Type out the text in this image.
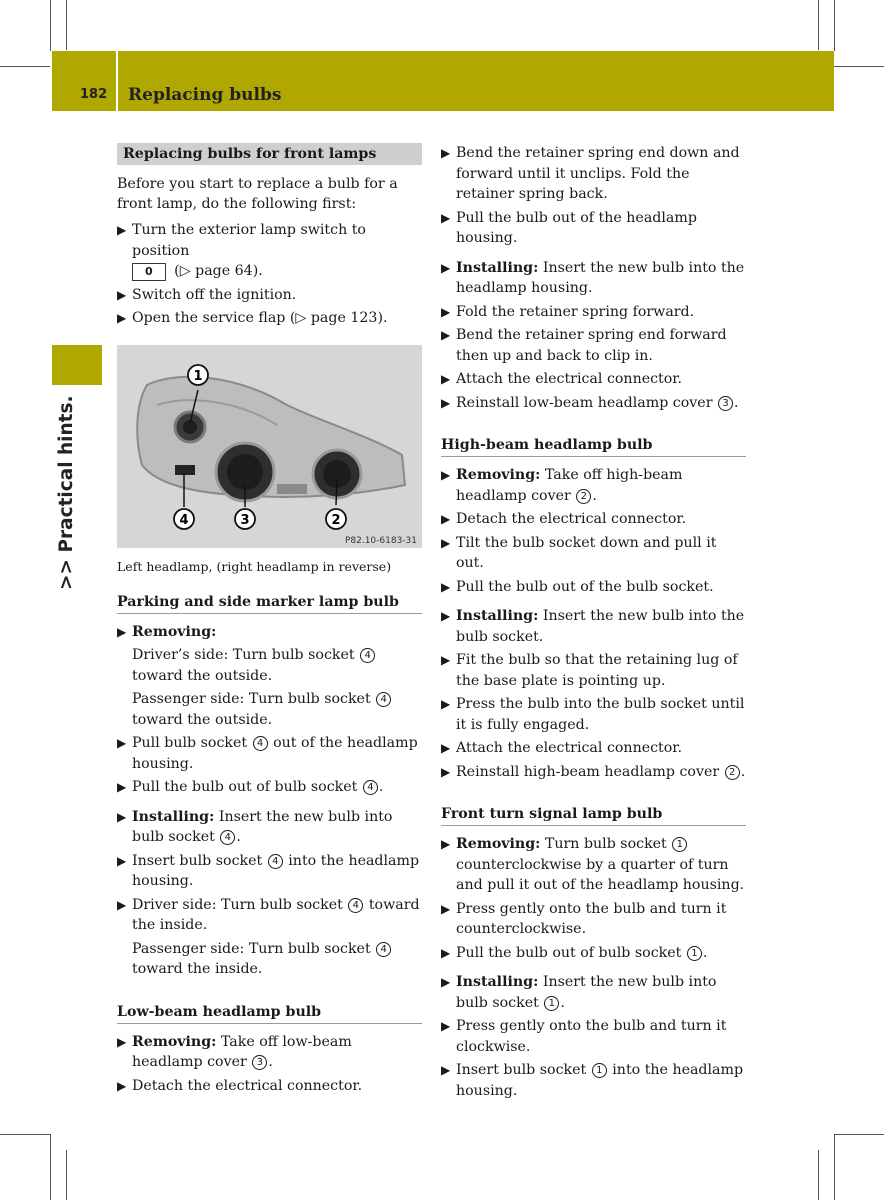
182 Replacing bulbs
>> Practical hints.
Replacing bulbs for front lamps

Before you start to replace a bulb for a front lamp, do the following first:

▶ Turn the exterior lamp switch to position
0 (▷ page 64).
▶ Switch off the ignition.
▶ Open the service flap (▷ page 123).
1
2
3
4
P82.10-6183-31
Left headlamp, (right headlamp in reverse)
Parking and side marker lamp bulb
▶ Removing:
Driver’s side: Turn bulb socket 4 toward the outside.
Passenger side: Turn bulb socket 4 toward the outside.
▶ Pull bulb socket 4 out of the headlamp housing.
▶ Pull the bulb out of bulb socket 4 .
▶ Installing: Insert the new bulb into bulb socket 4 .
▶ Insert bulb socket 4 into the headlamp housing.
▶ Driver side: Turn bulb socket 4 toward the inside.
Passenger side: Turn bulb socket 4 toward the inside.
Low-beam headlamp bulb
▶ Removing: Take off low-beam headlamp cover 3 .
▶ Detach the electrical connector.
▶ Bend the retainer spring end down and forward until it unclips. Fold the retainer spring back.
▶ Pull the bulb out of the headlamp housing.
▶ Installing: Insert the new bulb into the headlamp housing.
▶ Fold the retainer spring forward.
▶ Bend the retainer spring end forward then up and back to clip in.
▶ Attach the electrical connector.
▶ Reinstall low-beam headlamp cover 3 .
High-beam headlamp bulb
▶ Removing: Take off high-beam headlamp cover 2 .
▶ Detach the electrical connector.
▶ Tilt the bulb socket down and pull it out.
▶ Pull the bulb out of the bulb socket.
▶ Installing: Insert the new bulb into the bulb socket.
▶ Fit the bulb so that the retaining lug of the base plate is pointing up.
▶ Press the bulb into the bulb socket until it is fully engaged.
▶ Attach the electrical connector.
▶ Reinstall high-beam headlamp cover 2 .
Front turn signal lamp bulb
▶ Removing: Turn bulb socket 1 counterclockwise by a quarter of turn and pull it out of the headlamp housing.
▶ Press gently onto the bulb and turn it counterclockwise.
▶ Pull the bulb out of bulb socket 1 .
▶ Installing: Insert the new bulb into bulb socket 1 .
▶ Press gently onto the bulb and turn it clockwise.
▶ Insert bulb socket 1 into the headlamp housing.
